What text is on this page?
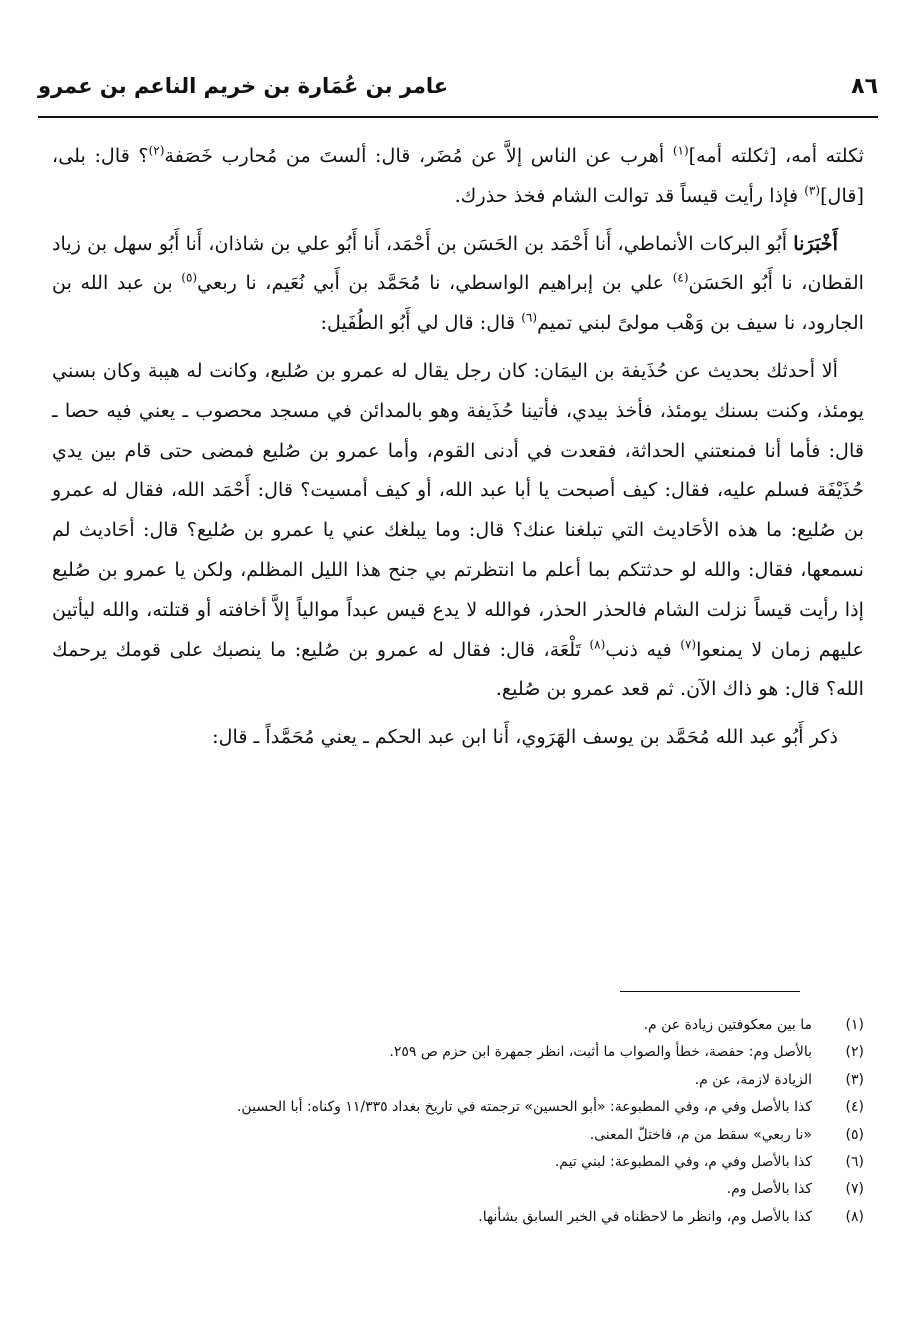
٨٦
عامر بن عُمَارة بن خريم الناعم بن عمرو

ثكلته أمه، [ثكلته أمه]$^{(١)}$ أهرب عن الناس إلاَّ عن مُضَر، قال: ألستَ من مُحارب خَصَفة$^{(٢)}$؟ قال: بلى، [قال]$^{(٣)}$ فإذا رأيت قيساً قد توالت الشام فخذ حذرك.

أَخْبَرَنا أَبُو البركات الأنماطي، أَنا أَحْمَد بن الحَسَن بن أَحْمَد، أَنا أَبُو علي بن شاذان، أَنا أَبُو سهل بن زياد القطان، نا أَبُو الحَسَن$^{(٤)}$ علي بن إبراهيم الواسطي، نا مُحَمَّد بن أَبي نُعَيم، نا ربعي$^{(٥)}$ بن عبد الله بن الجارود، نا سيف بن وَهْب مولىً لبني تميم$^{(٦)}$ قال: قال لي أَبُو الطُفَيل:

ألا أحدثك بحديث عن حُذَيفة بن اليمَان: كان رجل يقال له عمرو بن صُليع، وكانت له هيبة وكان بسني يومئذ، وكنت بسنك يومئذ، فأخذ بيدي، فأتينا حُذَيفة وهو بالمدائن في مسجد محصوب ـ يعني فيه حصا ـ قال: فأما أنا فمنعتني الحداثة، فقعدت في أدنى القوم، وأما عمرو بن صُليع فمضى حتى قام بين يدي حُذَيْفَة فسلم عليه، فقال: كيف أصبحت يا أبا عبد الله، أو كيف أمسيت؟ قال: أَحْمَد الله، فقال له عمرو بن صُليع: ما هذه الأحَاديث التي تبلغنا عنك؟ قال: وما يبلغك عني يا عمرو بن صُليع؟ قال: أحَاديث لم نسمعها، فقال: والله لو حدثتكم بما أعلم ما انتظرتم بي جنح هذا الليل المظلم، ولكن يا عمرو بن صُليع إذا رأيت قيساً نزلت الشام فالحذر الحذر، فوالله لا يدع قيس عبداً موالياً إلاَّ أخافته أو قتلته، والله ليأتين عليهم زمان لا يمنعوا$^{(٧)}$ فيه ذنب$^{(٨)}$ تَلْعَة، قال: فقال له عمرو بن صُليع: ما ينصبك على قومك يرحمك الله؟ قال: هو ذاك الآن. ثم قعد عمرو بن صُليع.

ذكر أَبُو عبد الله مُحَمَّد بن يوسف الهَرَوي، أَنا ابن عبد الحكم ـ يعني مُحَمَّداً ـ قال:

(١)
ما بين معكوفتين زيادة عن م.
(٢)
بالأصل وم: حفصة، خطأ والصواب ما أثبت، انظر جمهرة ابن حزم ص ٢٥٩.
(٣)
الزيادة لازمة، عن م.
(٤)
كذا بالأصل وفي م، وفي المطبوعة: «أبو الحسين» ترجمته في تاريخ بغداد ١١/٣٣٥ وكناه: أبا الحسين.
(٥)
«نا ربعي» سقط من م، فاختلّ المعنى.
(٦)
كذا بالأصل وفي م، وفي المطبوعة: لبني تيم.
(٧)
كذا بالأصل وم.
(٨)
كذا بالأصل وم، وانظر ما لاحظناه في الخبر السابق بشأنها.
